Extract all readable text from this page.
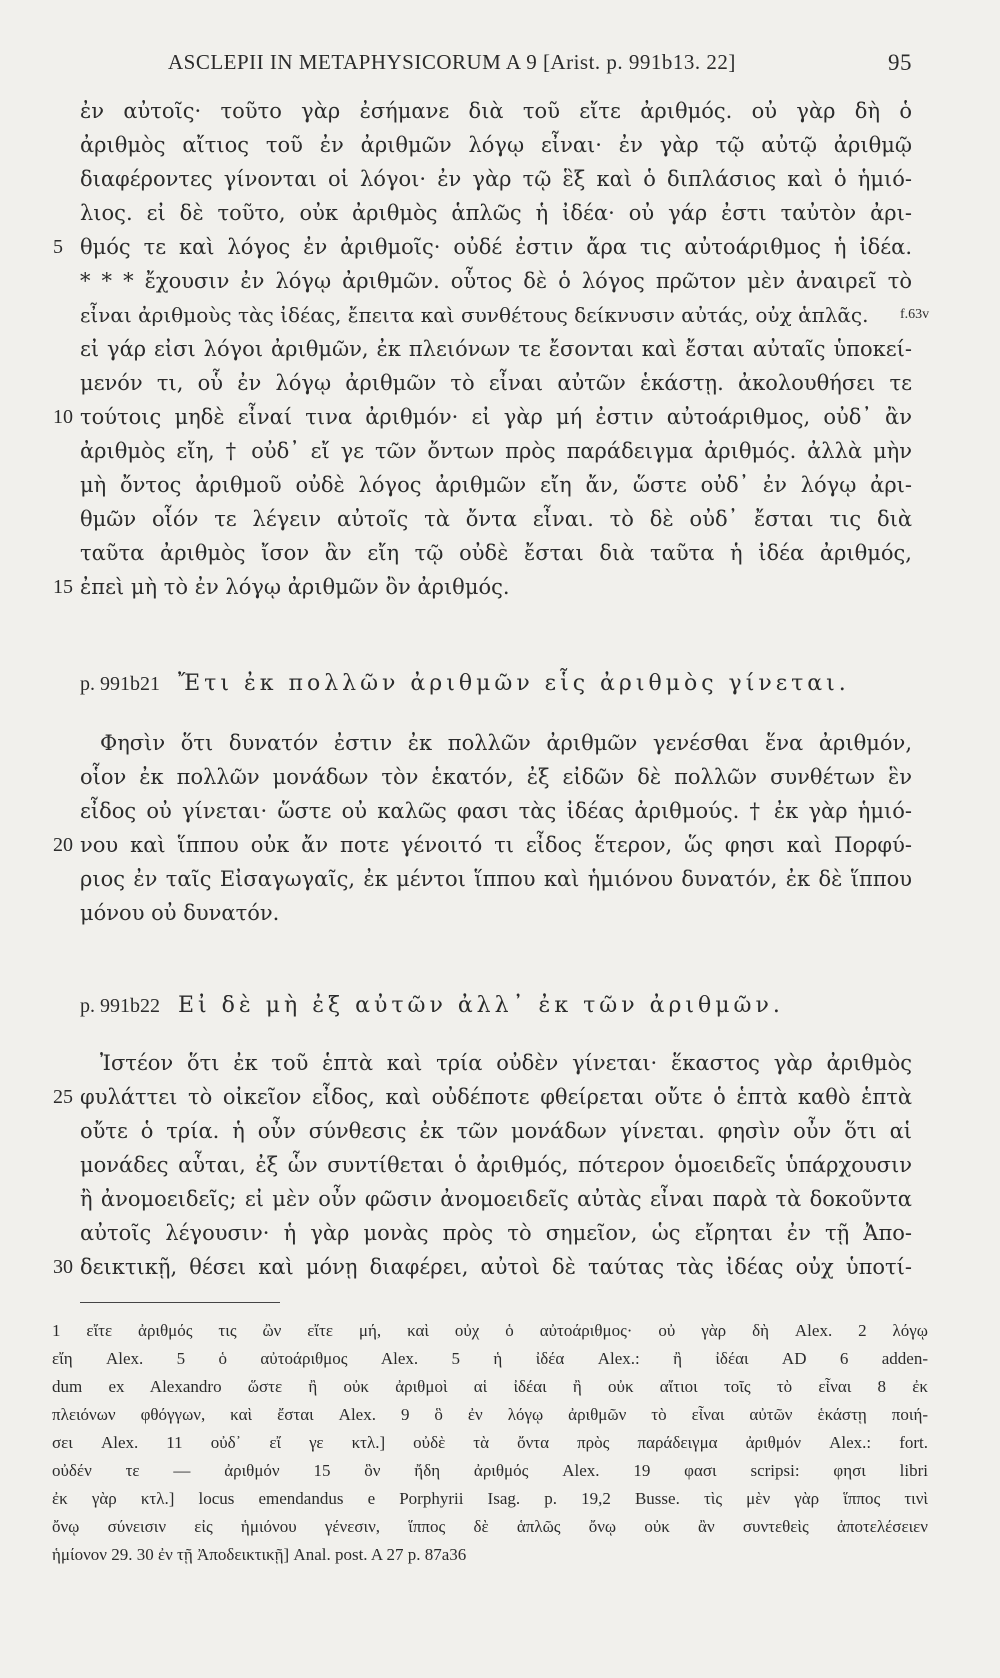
ASCLEPII IN METAPHYSICORUM A 9 [Arist. p. 991b13. 22]	95
ἐν αὐτοῖς· τοῦτο γὰρ ἐσήμανε διὰ τοῦ εἴτε ἀριθμός. οὐ γὰρ δὴ ὁ
ἀριθμὸς αἴτιος τοῦ ἐν ἀριθμῶν λόγῳ εἶναι· ἐν γὰρ τῷ αὐτῷ ἀριθμῷ
διαφέροντες γίνονται οἱ λόγοι· ἐν γὰρ τῷ ἓξ καὶ ὁ διπλάσιος καὶ ὁ ἡμιό-
λιος. εἰ δὲ τοῦτο, οὐκ ἀριθμὸς ἁπλῶς ἡ ἰδέα· οὐ γάρ ἐστι ταὐτὸν ἀρι-
5 θμός τε καὶ λόγος ἐν ἀριθμοῖς· οὐδέ ἐστιν ἄρα τις αὐτοάριθμος ἡ ἰδέα.
* * * ἔχουσιν ἐν λόγῳ ἀριθμῶν. οὗτος δὲ ὁ λόγος πρῶτον μὲν ἀναιρεῖ τὸ
εἶναι ἀριθμοὺς τὰς ἰδέας, ἔπειτα καὶ συνθέτους δείκνυσιν αὐτάς, οὐχ ἁπλᾶς.	f.63v
εἰ γάρ εἰσι λόγοι ἀριθμῶν, ἐκ πλειόνων τε ἔσονται καὶ ἔσται αὐταῖς ὑποκεί-
μενόν τι, οὗ ἐν λόγῳ ἀριθμῶν τὸ εἶναι αὐτῶν ἑκάστῃ. ἀκολουθήσει τε
10 τούτοις μηδὲ εἶναί τινα ἀριθμόν· εἰ γὰρ μή ἐστιν αὐτοάριθμος, οὐδ᾽ ἂν
ἀριθμὸς εἴη, † οὐδ᾽ εἴ γε τῶν ὄντων πρὸς παράδειγμα ἀριθμός. ἀλλὰ μὴν
μὴ ὄντος ἀριθμοῦ οὐδὲ λόγος ἀριθμῶν εἴη ἄν, ὥστε οὐδ᾽ ἐν λόγῳ ἀρι-
θμῶν οἷόν τε λέγειν αὐτοῖς τὰ ὄντα εἶναι. τὸ δὲ οὐδ᾽ ἔσται τις διὰ
ταῦτα ἀριθμὸς ἴσον ἂν εἴη τῷ οὐδὲ ἔσται διὰ ταῦτα ἡ ἰδέα ἀριθμός,
15 ἐπεὶ μὴ τὸ ἐν λόγῳ ἀριθμῶν ὂν ἀριθμός.
p. 991b21 Ἔτι ἐκ πολλῶν ἀριθμῶν εἷς ἀριθμὸς γίνεται.
Φησὶν ὅτι δυνατόν ἐστιν ἐκ πολλῶν ἀριθμῶν γενέσθαι ἕνα ἀριθμόν,
οἷον ἐκ πολλῶν μονάδων τὸν ἑκατόν, ἐξ εἰδῶν δὲ πολλῶν συνθέτων ἓν
εἶδος οὐ γίνεται· ὥστε οὐ καλῶς φασι τὰς ἰδέας ἀριθμούς. † ἐκ γὰρ ἡμιό-
20 νου καὶ ἵππου οὐκ ἄν ποτε γένοιτό τι εἶδος ἕτερον, ὥς φησι καὶ Πορφύ-
ριος ἐν ταῖς Εἰσαγωγαῖς, ἐκ μέντοι ἵππου καὶ ἡμιόνου δυνατόν, ἐκ δὲ ἵππου
μόνου οὐ δυνατόν.
p. 991b22 Εἰ δὲ μὴ ἐξ αὐτῶν ἀλλ᾽ ἐκ τῶν ἀριθμῶν.
Ἰστέον ὅτι ἐκ τοῦ ἑπτὰ καὶ τρία οὐδὲν γίνεται· ἕκαστος γὰρ ἀριθμὸς
25 φυλάττει τὸ οἰκεῖον εἶδος, καὶ οὐδέποτε φθείρεται οὔτε ὁ ἑπτὰ καθὸ ἑπτὰ
οὔτε ὁ τρία. ἡ οὖν σύνθεσις ἐκ τῶν μονάδων γίνεται. φησὶν οὖν ὅτι αἱ
μονάδες αὗται, ἐξ ὧν συντίθεται ὁ ἀριθμός, πότερον ὁμοειδεῖς ὑπάρχουσιν
ἢ ἀνομοειδεῖς; εἰ μὲν οὖν φῶσιν ἀνομοειδεῖς αὐτὰς εἶναι παρὰ τὰ δοκοῦντα
αὐτοῖς λέγουσιν· ἡ γὰρ μονὰς πρὸς τὸ σημεῖον, ὡς εἴρηται ἐν τῇ Ἀπο-
30 δεικτικῇ, θέσει καὶ μόνῃ διαφέρει, αὐτοὶ δὲ ταύτας τὰς ἰδέας οὐχ ὑποτί-
1 εἴτε ἀριθμός τις ὢν εἴτε μή, καὶ οὐχ ὁ αὐτοάριθμος· οὐ γὰρ δὴ Alex. 2 λόγῳ
εἴη Alex. 5 ὁ αὐτοάριθμος Alex. 5 ἡ ἰδέα Alex.: ἢ ἰδέαι AD 6 adden-
dum ex Alexandro ὥστε ἢ οὐκ ἀριθμοὶ αἱ ἰδέαι ἢ οὐκ αἴτιοι τοῖς τὸ εἶναι 8 ἐκ
πλειόνων φθόγγων, καὶ ἔσται Alex. 9 ὃ ἐν λόγῳ ἀριθμῶν τὸ εἶναι αὐτῶν ἑκάστῃ ποιή-
σει Alex. 11 οὐδ᾽ εἴ γε κτλ.] οὐδὲ τὰ ὄντα πρὸς παράδειγμα ἀριθμόν Alex.: fort.
οὐδέν τε — ἀριθμόν 15 ὃν ἤδη ἀριθμός Alex. 19 φασι scripsi: φησι libri
ἐκ γὰρ κτλ.] locus emendandus e Porphyrii Isag. p. 19,2 Busse. τὶς μὲν γὰρ ἵππος τινὶ
ὄνῳ σύνεισιν εἰς ἡμιόνου γένεσιν, ἵππος δὲ ἁπλῶς ὄνῳ οὐκ ἂν συντεθεὶς ἀποτελέσειεν
ἡμίονον 29. 30 ἐν τῇ Ἀποδεικτικῇ] Anal. post. A 27 p. 87a36
